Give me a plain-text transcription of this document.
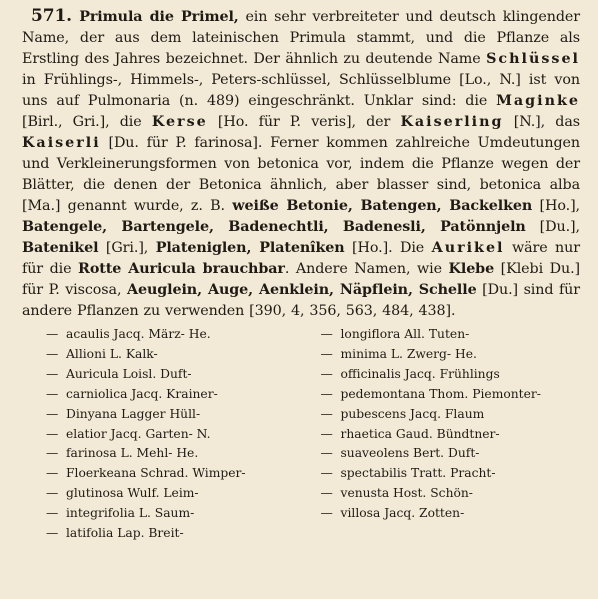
571. Primula die Primel, ein sehr verbreiteter und deutsch klingender Name, der aus dem lateinischen Primula stammt, und die Pflanze als Erstling des Jahres bezeichnet. Der ähnlich zu deutende Name Schlüssel in Frühlings-, Himmels-, Peters-schlüssel, Schlüsselblume [Lo., N.] ist von uns auf Pulmonaria (n. 489) eingeschränkt. Unklar sind: die Maginke [Birl., Gri.], die Kerse [Ho. für P. veris], der Kaiserling [N.], das Kaiserli [Du. für P. farinosa]. Ferner kommen zahlreiche Umdeutungen und Verkleinerungsformen von betonica vor, indem die Pflanze wegen der Blätter, die denen der Betonica ähnlich, aber blasser sind, betonica alba [Ma.] genannt wurde, z. B. weiße Betonie, Batengen, Backelken [Ho.], Batengele, Bartengele, Badenechtli, Badenesli, Patönnjeln [Du.], Batenikel [Gri.], Plateniglen, Platenîken [Ho.]. Die Aurikel wäre nur für die Rotte Auricula brauchbar. Andere Namen, wie Klebe [Klebi Du.] für P. viscosa, Aeuglein, Auge, Aenklein, Näpflein, Schelle [Du.] sind für andere Pflanzen zu verwenden [390, 4, 356, 563, 484, 438].

— acaulis Jacq. März- He.
— Allioni L. Kalk-
— Auricula Loisl. Duft-
— carniolica Jacq. Krainer-
— Dinyana Lagger Hüll-
— elatior Jacq. Garten- N.
— farinosa L. Mehl- He.
— Floerkeana Schrad. Wimper-
— glutinosa Wulf. Leim-
— integrifolia L. Saum-
— latifolia Lap. Breit-
— longiflora All. Tuten-
— minima L. Zwerg- He.
— officinalis Jacq. Frühlings
— pedemontana Thom. Piemonter-
— pubescens Jacq. Flaum
— rhaetica Gaud. Bündtner-
— suaveolens Bert. Duft-
— spectabilis Tratt. Pracht-
— venusta Host. Schön-
— villosa Jacq. Zotten-
